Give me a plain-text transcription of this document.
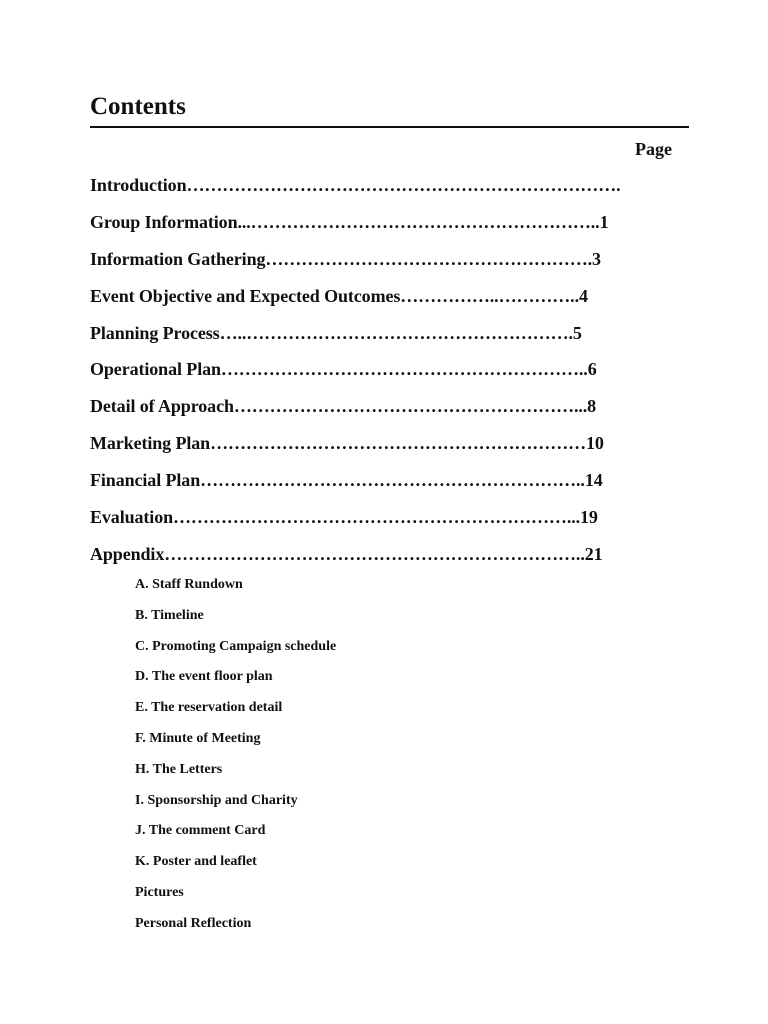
Contents
Page
Introduction……………………………………………………………….
Group Information...…………………………………………………..1
Information Gathering……………………………………………….3
Event Objective and Expected Outcomes……………..…………..4
Planning Process…..……………………………………………….5
Operational Plan……………………………………………………..6
Detail of Approach…………………………………………………...8
Marketing Plan………………………………………………………10
Financial Plan………………………………………………………..14
Evaluation…………………………………………………………...19
Appendix……………………………………………………………..21
A. Staff Rundown
B. Timeline
C. Promoting Campaign schedule
D. The event floor plan
E. The reservation detail
F. Minute of Meeting
H. The Letters
I. Sponsorship and Charity
J. The comment Card
K. Poster and leaflet
Pictures
Personal Reflection
